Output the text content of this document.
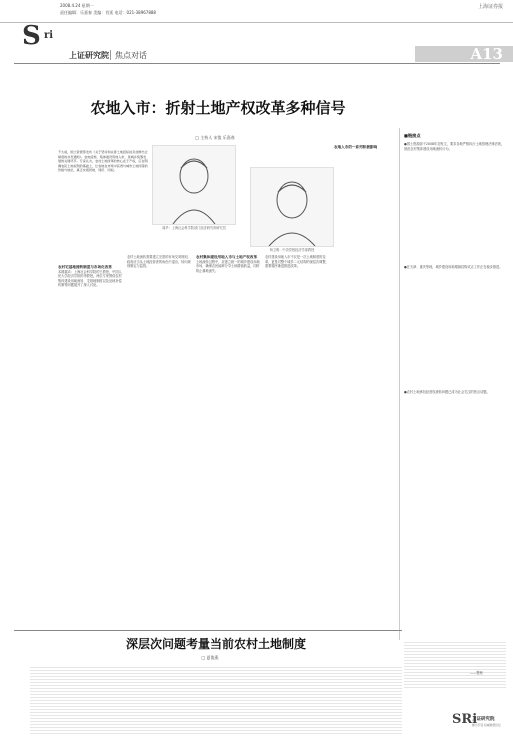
2008.4.24 星期一
责任编辑：乐嘉春 美编：肖延 电话：021-38967888
上海证券报
S ri
上证研究院 焦点对话	A13
农地入市：折射土地产权改革多种信号
□ 主持人 宋俊 乐嘉春
不久前，国土资源部发布《关于坚持和完善土地招标拍卖挂牌出让制度的补充通知》。农地流转、集体建设用地入市，是城乡统筹发展的关键环节。专家认为，农村土地改革的核心在于产权，应在明确农民土地权利的基础上，让农地在市场中获得与城市土地同等的价格与地位，真正实现同地、同价、同权。
周华：上海社会科学院部门经济研究所研究员
杨卫明：中央党校经济学部教授
农村宅基地流转制度与市场化改革
本期嘉宾：上海社会科学院的王教授，中国人民大学经济学院的李教授。两位专家围绕农村集体建设用地流转、宅基地制度以及征地补偿机制等问题展开了深入讨论。
农村土地流转需要建立完善的市场交易规则，政府应当从土地经营者的角色中退出，转向规则制定与监管。
农村集体建设用地入市与土地产权改革
土地流转过程中，应建立统一的城乡建设用地市场，确保农民能够分享土地增值收益，同时防止耕地流失。
农村建设用地入市不仅是一次土地制度的变革，更是对整个城乡二元结构的深层次调整，需要循序渐进推进改革。
农地入市的一系列积极影响
■链接点
●国土资源部于2008年初发文，要求各地严格执行土地管理法律法规，规范农村集体建设用地流转行为。
●在天津、重庆等地，城乡建设用地增减挂钩试点工作正在稳步推进。
●农村土地承包经营权流转问题已成为社会关注的热点话题。
深层次问题考量当前农村土地制度
□ 夏俊燕
——整理
SRi
上证研究院
倾力打造 权威财经论坛
